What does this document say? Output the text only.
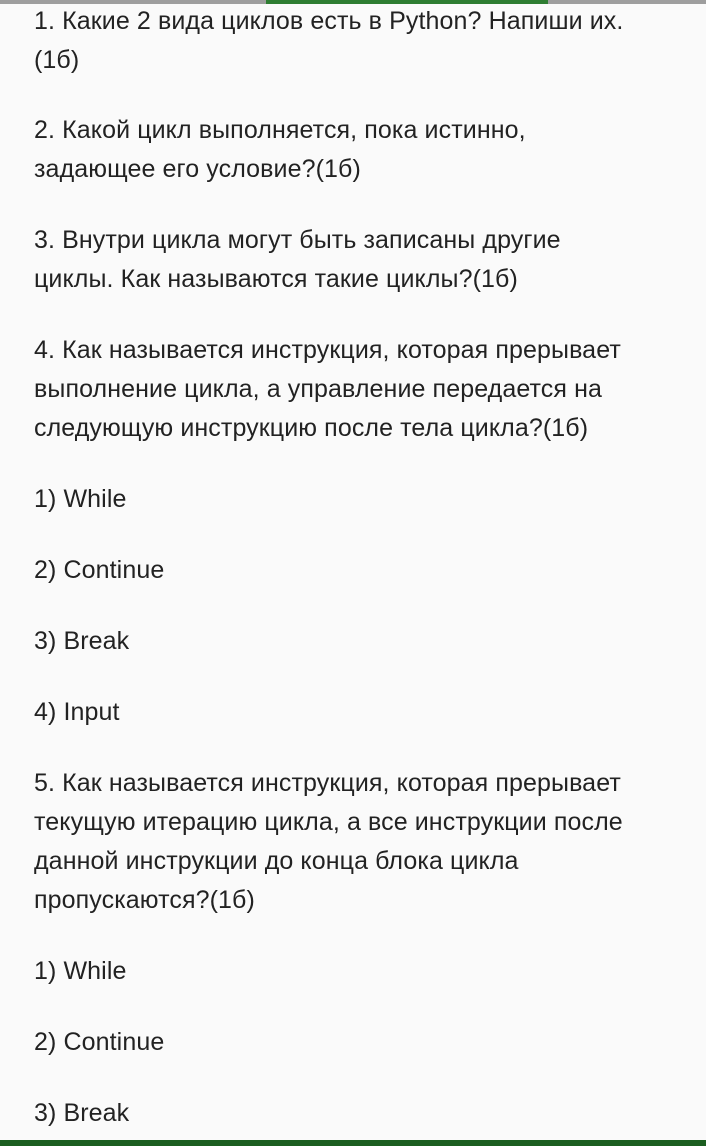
1. Какие 2 вида циклов есть в Python? Напиши их.

(1б)

2. Какой цикл выполняется, пока истинно,

задающее его условие?(1б)

3. Внутри цикла могут быть записаны другие

циклы. Как называются такие циклы?(1б)

4. Как называется инструкция, которая прерывает

выполнение цикла, а управление передается на

следующую инструкцию после тела цикла?(1б)

1) While

2) Continue

3) Break

4) Input

5. Как называется инструкция, которая прерывает

текущую итерацию цикла, а все инструкции после

данной инструкции до конца блока цикла

пропускаются?(1б)

1) While

2) Continue

3) Break
